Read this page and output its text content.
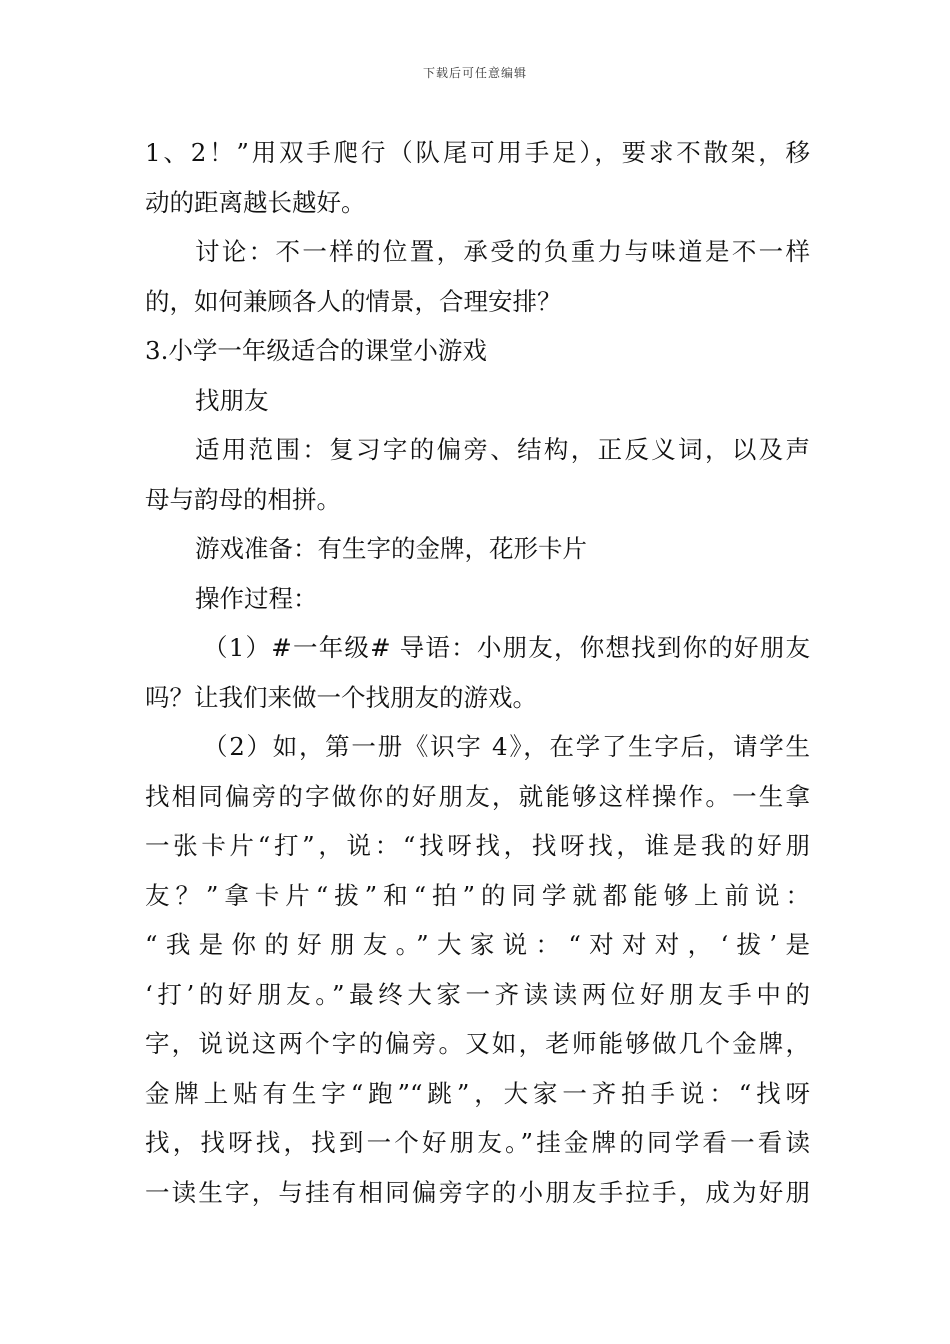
下载后可任意编辑
1、2！”用双手爬行（队尾可用手足），要求不散架，移
动的距离越长越好。
讨论：不一样的位置，承受的负重力与味道是不一样
的，如何兼顾各人的情景，合理安排？
3.小学一年级适合的课堂小游戏
找朋友
适用范围：复习字的偏旁、结构，正反义词，以及声
母与韵母的相拼。
游戏准备：有生字的金牌，花形卡片
操作过程：
（1）#一年级# 导语：小朋友，你想找到你的好朋友
吗？让我们来做一个找朋友的游戏。
（2）如，第一册《识字 4》，在学了生字后，请学生
找相同偏旁的字做你的好朋友，就能够这样操作。一生拿
一张卡片“打”，说：“找呀找，找呀找，谁是我的好朋
友？”拿卡片“拔”和“拍”的同学就都能够上前说：
“我是你的好朋友。”大家说：“对对对，‘拔’是
‘打’的好朋友。”最终大家一齐读读两位好朋友手中的
字，说说这两个字的偏旁。又如，老师能够做几个金牌，
金牌上贴有生字“跑”“跳”，大家一齐拍手说：“找呀
找，找呀找，找到一个好朋友。”挂金牌的同学看一看读
一读生字，与挂有相同偏旁字的小朋友手拉手，成为好朋
